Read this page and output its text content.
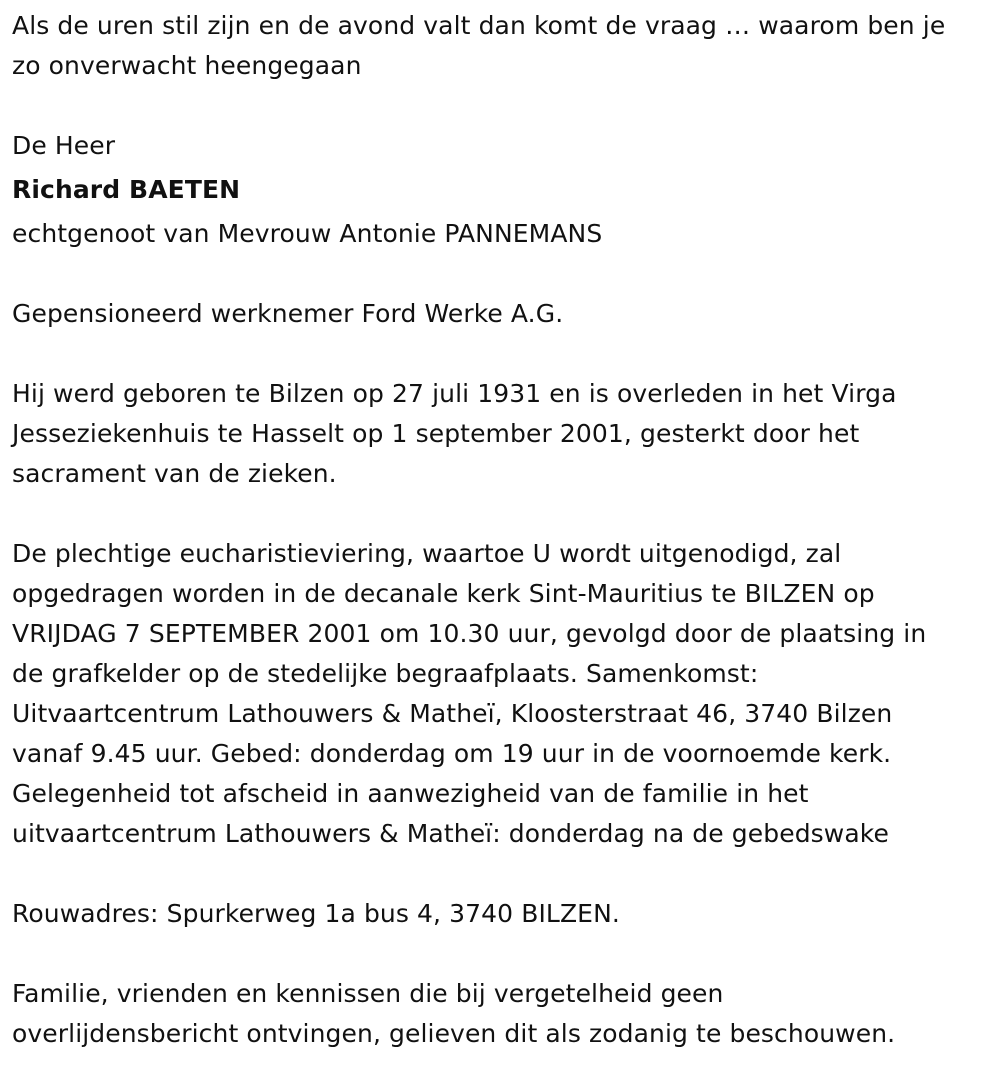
Als de uren stil zijn en de avond valt dan komt de vraag … waarom ben je
zo onverwacht heengegaan
De Heer
Richard BAETEN
echtgenoot van Mevrouw Antonie PANNEMANS
Gepensioneerd werknemer Ford Werke A.G.
Hij werd geboren te Bilzen op 27 juli 1931 en is overleden in het Virga
Jesseziekenhuis te Hasselt op 1 september 2001, gesterkt door het
sacrament van de zieken.
De plechtige eucharistieviering, waartoe U wordt uitgenodigd, zal
opgedragen worden in de decanale kerk Sint-Mauritius te BILZEN op
VRIJDAG 7 SEPTEMBER 2001 om 10.30 uur, gevolgd door de plaatsing in
de grafkelder op de stedelijke begraafplaats. Samenkomst:
Uitvaartcentrum Lathouwers & Matheï, Kloosterstraat 46, 3740 Bilzen
vanaf 9.45 uur. Gebed: donderdag om 19 uur in de voornoemde kerk.
Gelegenheid tot afscheid in aanwezigheid van de familie in het
uitvaartcentrum Lathouwers & Matheï: donderdag na de gebedswake
Rouwadres: Spurkerweg 1a bus 4, 3740 BILZEN.
Familie, vrienden en kennissen die bij vergetelheid geen
overlijdensbericht ontvingen, gelieven dit als zodanig te beschouwen.
